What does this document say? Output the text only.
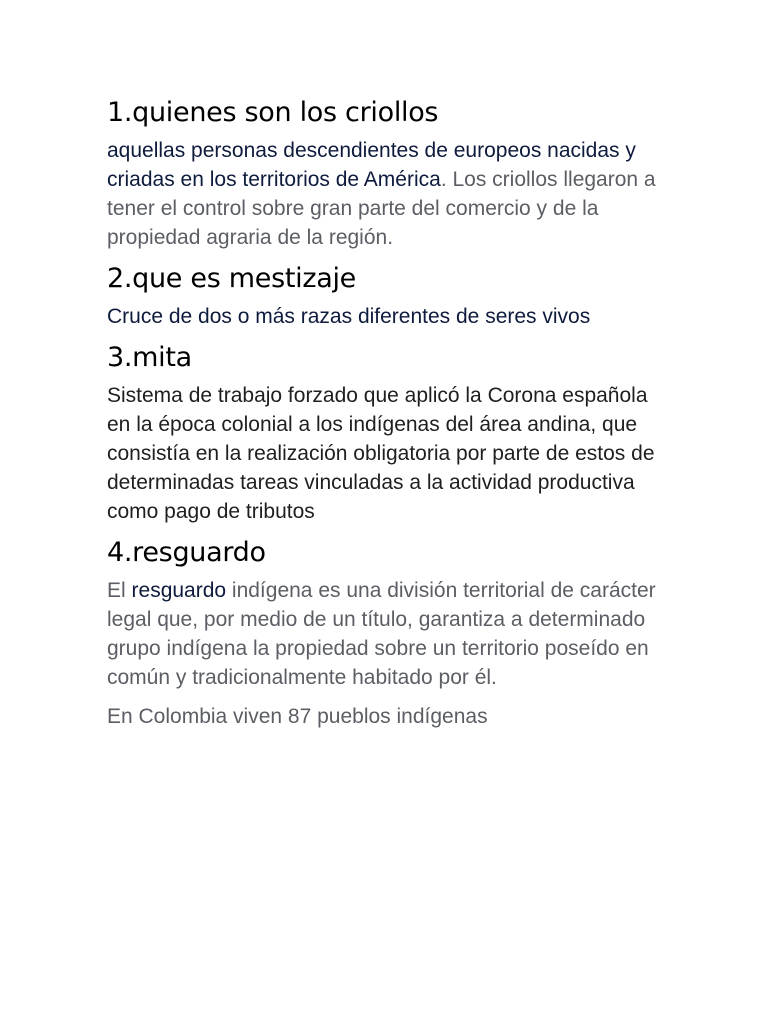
1.quienes son los criollos

aquellas personas descendientes de europeos nacidas y criadas en los territorios de América. Los criollos llegaron a tener el control sobre gran parte del comercio y de la propiedad agraria de la región.

2.que es mestizaje

Cruce de dos o más razas diferentes de seres vivos

3.mita

Sistema de trabajo forzado que aplicó la Corona española en la época colonial a los indígenas del área andina, que consistía en la realización obligatoria por parte de estos de determinadas tareas vinculadas a la actividad productiva como pago de tributos

4.resguardo

El resguardo indígena es una división territorial de carácter legal que, por medio de un título, garantiza a determinado grupo indígena la propiedad sobre un territorio poseído en común y tradicionalmente habitado por él.

En Colombia viven 87 pueblos indígenas
